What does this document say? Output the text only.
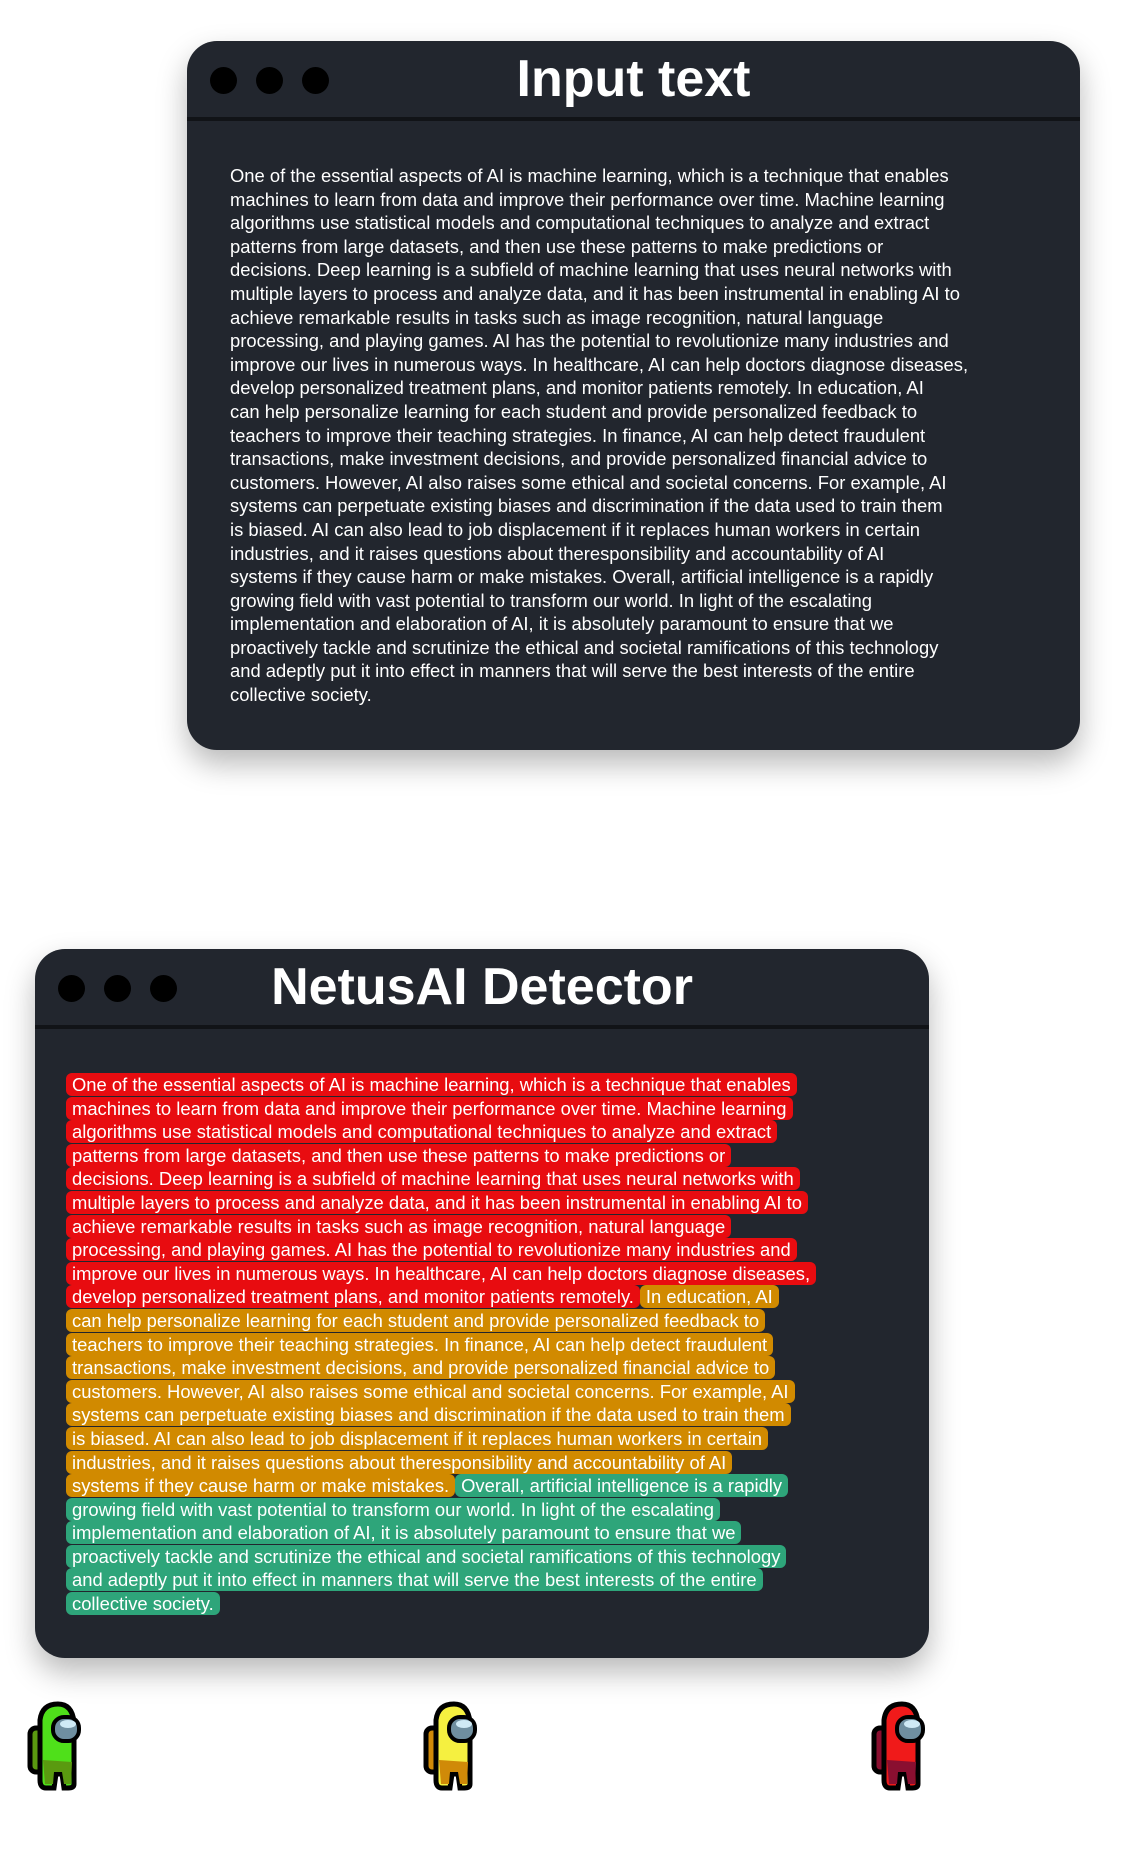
Input text
One of the essential aspects of AI is machine learning, which is a technique that enables
machines to learn from data and improve their performance over time. Machine learning
algorithms use statistical models and computational techniques to analyze and extract
patterns from large datasets, and then use these patterns to make predictions or
decisions. Deep learning is a subfield of machine learning that uses neural networks with
multiple layers to process and analyze data, and it has been instrumental in enabling AI to
achieve remarkable results in tasks such as image recognition, natural language
processing, and playing games. AI has the potential to revolutionize many industries and
improve our lives in numerous ways. In healthcare, AI can help doctors diagnose diseases,
develop personalized treatment plans, and monitor patients remotely. In education, AI
can help personalize learning for each student and provide personalized feedback to
teachers to improve their teaching strategies. In finance, AI can help detect fraudulent
transactions, make investment decisions, and provide personalized financial advice to
customers. However, AI also raises some ethical and societal concerns. For example, AI
systems can perpetuate existing biases and discrimination if the data used to train them
is biased. AI can also lead to job displacement if it replaces human workers in certain
industries, and it raises questions about theresponsibility and accountability of AI
systems if they cause harm or make mistakes. Overall, artificial intelligence is a rapidly
growing field with vast potential to transform our world. In light of the escalating
implementation and elaboration of AI, it is absolutely paramount to ensure that we
proactively tackle and scrutinize the ethical and societal ramifications of this technology
and adeptly put it into effect in manners that will serve the best interests of the entire
collective society.
NetusAI Detector
One of the essential aspects of AI is machine learning, which is a technique that enables
machines to learn from data and improve their performance over time. Machine learning
algorithms use statistical models and computational techniques to analyze and extract
patterns from large datasets, and then use these patterns to make predictions or
decisions. Deep learning is a subfield of machine learning that uses neural networks with
multiple layers to process and analyze data, and it has been instrumental in enabling AI to
achieve remarkable results in tasks such as image recognition, natural language
processing, and playing games. AI has the potential to revolutionize many industries and
improve our lives in numerous ways. In healthcare, AI can help doctors diagnose diseases,
develop personalized treatment plans, and monitor patients remotely. In education, AI
can help personalize learning for each student and provide personalized feedback to
teachers to improve their teaching strategies. In finance, AI can help detect fraudulent
transactions, make investment decisions, and provide personalized financial advice to
customers. However, AI also raises some ethical and societal concerns. For example, AI
systems can perpetuate existing biases and discrimination if the data used to train them
is biased. AI can also lead to job displacement if it replaces human workers in certain
industries, and it raises questions about theresponsibility and accountability of AI
systems if they cause harm or make mistakes. Overall, artificial intelligence is a rapidly
growing field with vast potential to transform our world. In light of the escalating
implementation and elaboration of AI, it is absolutely paramount to ensure that we
proactively tackle and scrutinize the ethical and societal ramifications of this technology
and adeptly put it into effect in manners that will serve the best interests of the entire
collective society.
